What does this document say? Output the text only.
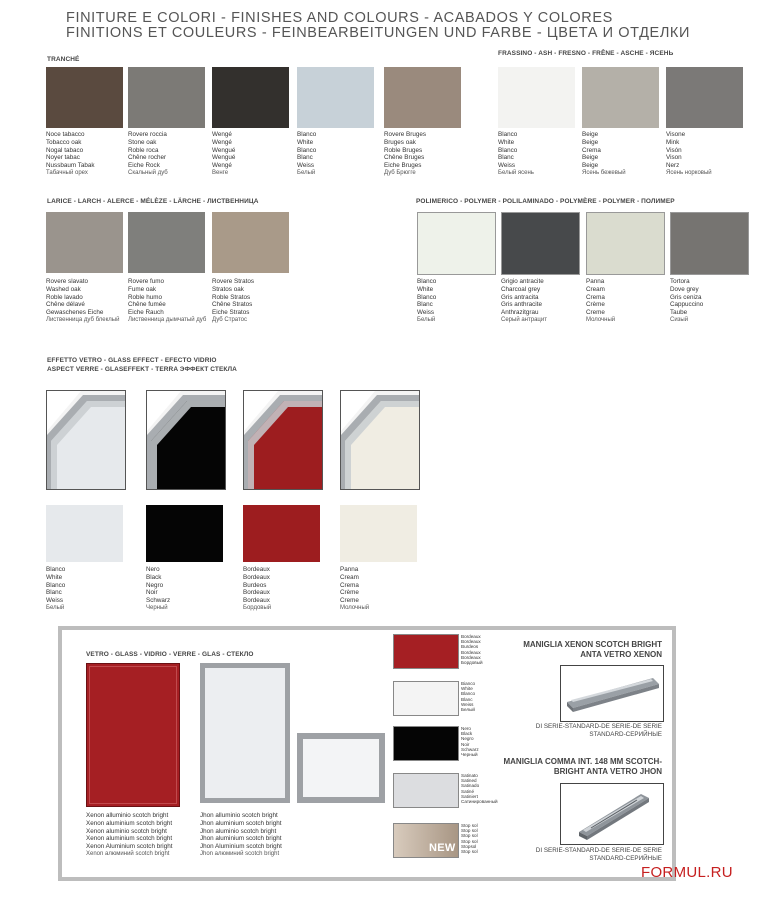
FINITURE E COLORI - FINISHES AND COLOURS - ACABADOS Y COLORES
FINITIONS ET COULEURS - FEINBEARBEITUNGEN UND FARBE - ЦВЕТА И ОТДЕЛКИ
TRANCHÉ
Noce tabacco
Tobacco oak
Nogal tabaco
Noyer tabac
Nussbaum Tabak
Табачный орех
Rovere roccia
Stone oak
Roble roca
Chêne rocher
Eiche Rock
Скальный дуб
Wengé
Wengé
Wengué
Wengué
Wengé
Венге
Blanco
White
Blanco
Blanc
Weiss
Белый
Rovere Bruges
Bruges oak
Roble Bruges
Chêne Bruges
Eiche Bruges
Дуб Брюгге
FRASSINO - ASH - FRESNO - FRÊNE - ASCHE - ЯСЕНЬ
Blanco
White
Blanco
Blanc
Weiss
Белый ясень
Beige
Beige
Crema
Beige
Beige
Ясень бежевый
Visone
Mink
Visón
Vison
Nerz
Ясень норковый
LARICE - LARCH - ALERCE - MÉLÈZE - LÄRCHE - ЛИСТВЕННИЦА
Rovere slavato
Washed oak
Roble lavado
Chêne délavé
Gewaschenes Eiche
Лиственница дуб блеклый
Rovere fumo
Fume oak
Roble humo
Chêne fumée
Eiche Rauch
Лиственница дымчатый дуб
Rovere Stratos
Stratos oak
Roble Stratos
Chêne Stratos
Eiche Stratos
Дуб Стратос
POLIMERICO - POLYMER - POLILAMINADO - POLYMÈRE - POLYMER - ПОЛИМЕР
Blanco
White
Blanco
Blanc
Weiss
Белый
Grigio antracite
Charcoal grey
Gris antracita
Gris anthracite
Anthrazitgrau
Серый антрацит
Panna
Cream
Crema
Crème
Creme
Молочный
Tortora
Dove grey
Gris ceniza
Cappuccino
Taube
Сизый
EFFETTO VETRO - GLASS EFFECT - EFECTO VIDRIO
ASPECT VERRE - GLASEFFEKT - TERRA ЭФФЕКТ СТЕКЛА
Blanco
White
Blanco
Blanc
Weiss
Белый
Nero
Black
Negro
Noir
Schwarz
Черный
Bordeaux
Bordeaux
Burdeos
Bordeaux
Bordeaux
Бордовый
Panna
Cream
Crema
Crème
Creme
Молочный
VETRO - GLASS - VIDRIO - VERRE - GLAS - СТЕКЛО
Xenon alluminio scotch bright
Xenon aluminium scotch bright
Xenon aluminio scotch bright
Xenon aluminium scotch bright
Xenon Aluminium scotch bright
Xenon алюминий scotch bright
Jhon alluminio scotch bright
Jhon aluminium scotch bright
Jhon aluminio scotch bright
Jhon aluminium scotch bright
Jhon Aluminium scotch bright
Jhon алюминий scotch bright
Bordeaux
Bordeaux
Burdeos
Bordeaux
Bordeaux
Бордовый
Bianco
White
Blanco
Blanc
Weiss
Белый
Nero
Black
Negro
Noir
Schwarz
Черный
Satinato
Satined
Satinado
Satiné
Satiniert
Сатинированный
Stop sol
Stop sol
Stop sol
Stop sol
Stopsol
Stop sol
NEW
MANIGLIA XENON SCOTCH BRIGHT
ANTA VETRO XENON
DI SERIE-STANDARD-DE SERIE-DE SERIE
STANDARD-СЕРИЙНЫЕ
MANIGLIA COMMA INT. 148 MM SCOTCH-
BRIGHT ANTA VETRO JHON
DI SERIE-STANDARD-DE SERIE-DE SERIE
STANDARD-СЕРИЙНЫЕ
FORMUL.RU
